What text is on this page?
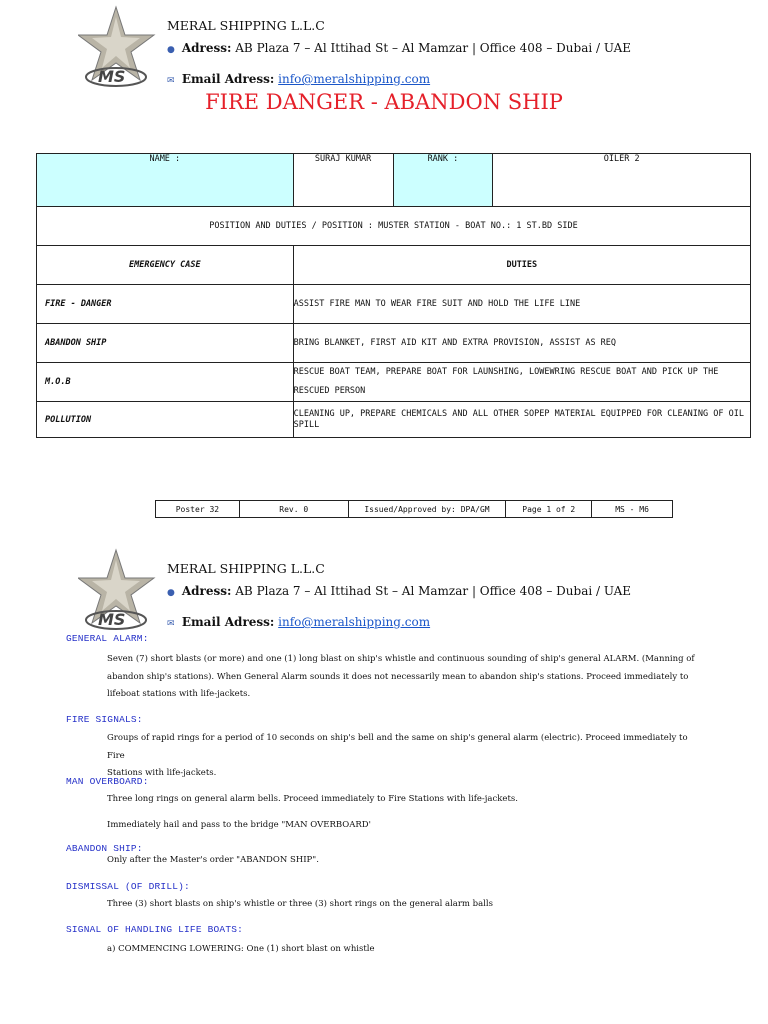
MS
MERAL SHIPPING L.L.C
● Adress: AB Plaza 7 – Al Ittihad St – Al Mamzar | Office 408 – Dubai / UAE
✉ Email Adress: info@meralshipping.com
FIRE DANGER - ABANDON SHIP
NAME :	SURAJ KUMAR	RANK :	OILER 2
POSITION AND DUTIES / POSITION : MUSTER STATION - BOAT NO.: 1 ST.BD SIDE			
EMERGENCY CASE	DUTIES		
FIRE - DANGER	ASSIST FIRE MAN TO WEAR FIRE SUIT AND HOLD THE LIFE LINE		
ABANDON SHIP	BRING BLANKET, FIRST AID KIT AND EXTRA PROVISION, ASSIST AS REQ		
M.O.B	RESCUE BOAT TEAM, PREPARE BOAT FOR LAUNSHING, LOWEWRING RESCUE BOAT AND PICK UP THE
RESCUED PERSON		

POLLUTION	CLEANING UP, PREPARE CHEMICALS AND ALL OTHER SOPEP MATERIAL EQUIPPED FOR CLEANING OF OIL
SPILL		
Poster 32	Rev. 0	Issued/Approved by: DPA/GM	Page 1 of 2	MS - M6
MS
MERAL SHIPPING L.L.C
● Adress: AB Plaza 7 – Al Ittihad St – Al Mamzar | Office 408 – Dubai / UAE
✉ Email Adress: info@meralshipping.com
GENERAL ALARM:
Seven (7) short blasts (or more) and one (1) long blast on ship's whistle and continuous sounding of ship's general ALARM. (Manning of
abandon ship's stations). When General Alarm sounds it does not necessarily mean to abandon ship's stations. Proceed immediately to
lifeboat stations with life-jackets.
FIRE SIGNALS:
Groups of rapid rings for a period of 10 seconds on ship's bell and the same on ship's general alarm (electric). Proceed immediately to Fire
Stations with life-jackets.
MAN OVERBOARD:
Three long rings on general alarm bells. Proceed immediately to Fire Stations with life-jackets.
Immediately hail and pass to the bridge "MAN OVERBOARD'
ABANDON SHIP:
Only after the Master's order "ABANDON SHIP".
DISMISSAL (OF DRILL):
Three (3) short blasts on ship's whistle or three (3) short rings on the general alarm balls
SIGNAL OF HANDLING LIFE BOATS:
a) COMMENCING LOWERING: One (1) short blast on whistle
